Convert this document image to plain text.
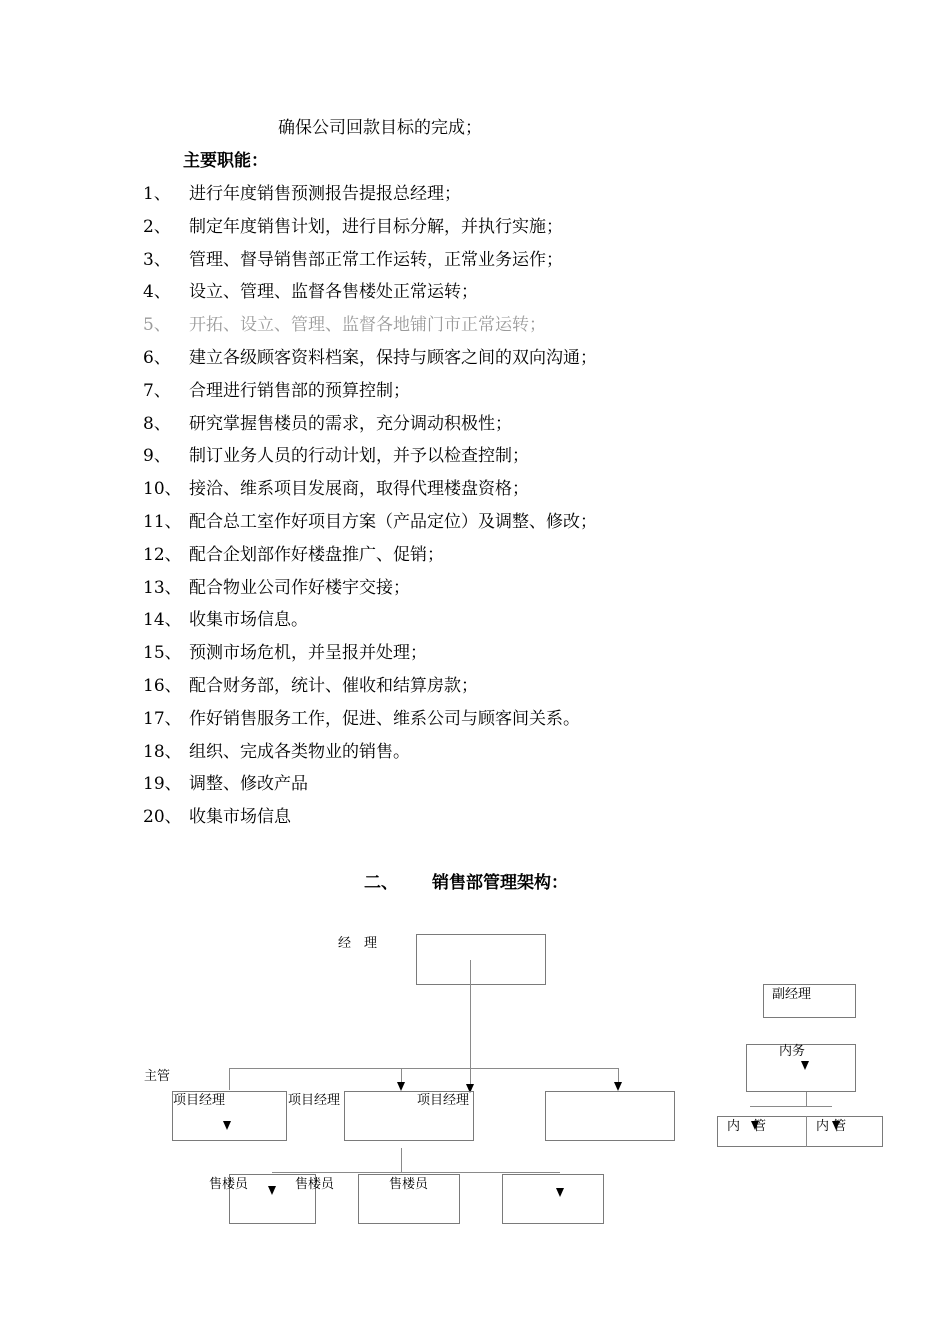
确保公司回款目标的完成；
主要职能：
1、 进行年度销售预测报告提报总经理；
2、 制定年度销售计划，进行目标分解，并执行实施；
3、 管理、督导销售部正常工作运转，正常业务运作；
4、 设立、管理、监督各售楼处正常运转；
5、 开拓、设立、管理、监督各地铺门市正常运转；
6、 建立各级顾客资料档案，保持与顾客之间的双向沟通；
7、 合理进行销售部的预算控制；
8、 研究掌握售楼员的需求，充分调动积极性；
9、 制订业务人员的行动计划，并予以检查控制；
10、 接洽、维系项目发展商，取得代理楼盘资格；
11、 配合总工室作好项目方案（产品定位）及调整、修改；
12、 配合企划部作好楼盘推广、促销；
13、 配合物业公司作好楼宇交接；
14、 收集市场信息。
15、 预测市场危机，并呈报并处理；
16、 配合财务部，统计、催收和结算房款；
17、 作好销售服务工作，促进、维系公司与顾客间关系。
18、 组织、完成各类物业的销售。
19、 调整、修改产品
20、 收集市场信息
二、 销售部管理架构：
经　理
主管
项目经理	项目经理	项目经理
售楼员	售楼员	售楼员
副经理
内务
内　管	内 管
